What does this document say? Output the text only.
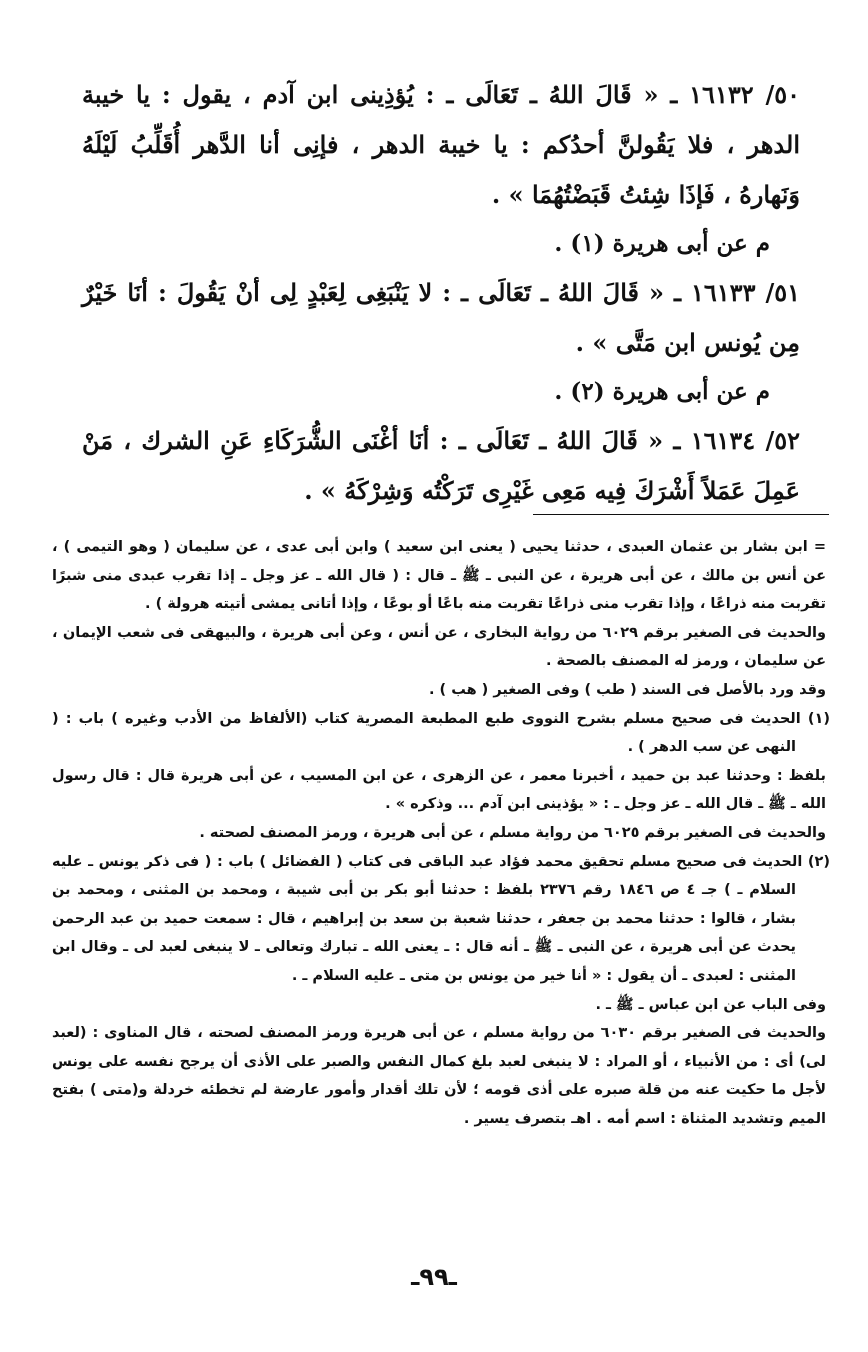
٥٠/ ١٦١٣٢ ـ « قَالَ اللهُ ـ تَعَالَى ـ : يُؤذِينى ابن آدم ، يقول : يا خيبة الدهر ، فلا يَقُولنَّ أحدُكم : يا خيبة الدهر ، فإنِى أنا الدَّهر أُقَلِّبُ لَيْلَهُ وَنَهارهُ ، فَإذَا شِئتُ قَبَضْتُهُمَا » .

م عن أبى هريرة (١) .

٥١/ ١٦١٣٣ ـ « قَالَ اللهُ ـ تَعَالَى ـ : لا يَنْبَغِى لِعَبْدٍ لِى أنْ يَقُولَ : أنَا خَيْرٌ مِن يُونس ابن مَتَّى » .

م عن أبى هريرة (٢) .

٥٢/ ١٦١٣٤ ـ « قَالَ اللهُ ـ تَعَالَى ـ : أنَا أغْنَى الشُّرَكَاءِ عَنِ الشرك ، مَنْ عَمِلَ عَمَلاً أَشْرَكَ فِيه مَعِى غَيْرِى تَرَكْتُه وَشِرْكَهُ » .

= ابن بشار بن عثمان العبدى ، حدثنا يحيى ( يعنى ابن سعيد ) وابن أبى عدى ، عن سليمان ( وهو التيمى ) ، عن أنس بن مالك ، عن أبى هريرة ، عن النبى ـ ﷺ ـ قال : ( قال الله ـ عز وجل ـ إذا تقرب عبدى منى شبرًا تقربت منه ذراعًا ، وإذا تقرب منى ذراعًا تقربت منه باعًا أو بوعًا ، وإذا أتانى يمشى أتيته هرولة ) .

والحديث فى الصغير برقم ٦٠٢٩ من رواية البخارى ، عن أنس ، وعن أبى هريرة ، والبيهقى فى شعب الإيمان ، عن سليمان ، ورمز له المصنف بالصحة .

وقد ورد بالأصل فى السند ( طب ) وفى الصغير ( هب ) .

(١) الحديث فى صحيح مسلم بشرح النووى طبع المطبعة المصرية كتاب (الألفاظ من الأدب وغيره ) باب : ( النهى عن سب الدهر ) .

بلفظ : وحدثنا عبد بن حميد ، أخبرنا معمر ، عن الزهرى ، عن ابن المسيب ، عن أبى هريرة قال : قال رسول الله ـ ﷺ ـ قال الله ـ عز وجل ـ : « يؤذينى ابن آدم ... وذكره » .

والحديث فى الصغير برقم ٦٠٢٥ من رواية مسلم ، عن أبى هريرة ، ورمز المصنف لصحته .

(٢) الحديث فى صحيح مسلم تحقيق محمد فؤاد عبد الباقى فى كتاب ( الفضائل ) باب : ( فى ذكر يونس ـ عليه السلام ـ ) جـ ٤ ص ١٨٤٦ رقم ٢٣٧٦ بلفظ : حدثنا أبو بكر بن أبى شيبة ، ومحمد بن المثنى ، ومحمد بن بشار ، قالوا : حدثنا محمد بن جعفر ، حدثنا شعبة بن سعد بن إبراهيم ، قال : سمعت حميد بن عبد الرحمن يحدث عن أبى هريرة ، عن النبى ـ ﷺ ـ أنه قال : ـ يعنى الله ـ تبارك وتعالى ـ لا ينبغى لعبد لى ـ وقال ابن المثنى : لعبدى ـ أن يقول : « أنا خير من يونس بن متى ـ عليه السلام ـ .

وفى الباب عن ابن عباس ـ ﷺ ـ .

والحديث فى الصغير برقم ٦٠٣٠ من رواية مسلم ، عن أبى هريرة ورمز المصنف لصحته ، قال المناوى : (لعبد لى) أى : من الأنبياء ، أو المراد : لا ينبغى لعبد بلغ كمال النفس والصبر على الأذى أن يرجح نفسه على يونس لأجل ما حكيت عنه من قلة صبره على أذى قومه ؛ لأن تلك أقدار وأمور عارضة لم تخطئه خردلة و(متى ) بفتح الميم وتشديد المثناة : اسم أمه . اهـ بتصرف يسير .

ـ٩٩ـ
